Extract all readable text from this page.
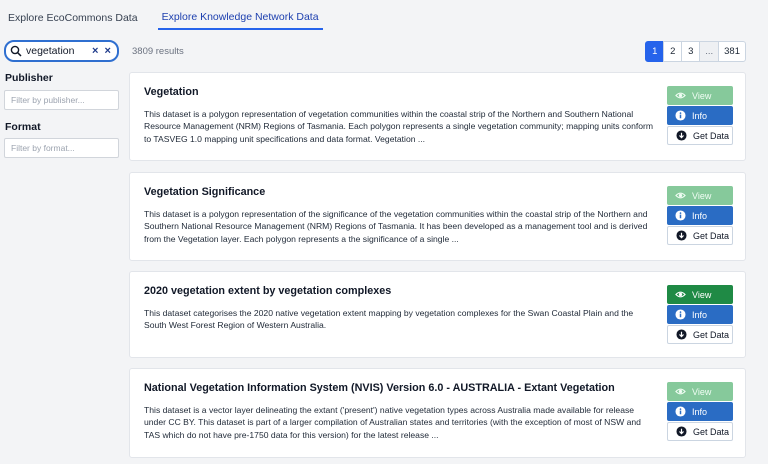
Explore EcoCommons Data	Explore Knowledge Network Data
vegetation
× ×
Publisher
Filter by publisher...
Format
Filter by format...
3809 results	1	2	3	...	381
Vegetation
This dataset is a polygon representation of vegetation communities within the coastal strip of the Northern and Southern National Resource Management (NRM) Regions of Tasmania. Each polygon represents a single vegetation community; mapping units conform to TASVEG 1.0 mapping unit specifications and data format. Vegetation ...
View
Info
Get Data
Vegetation Significance
This dataset is a polygon representation of the significance of the vegetation communities within the coastal strip of the Northern and Southern National Resource Management (NRM) Regions of Tasmania. It has been developed as a management tool and is derived from the Vegetation layer. Each polygon represents a the significance of a single ...
View
Info
Get Data
2020 vegetation extent by vegetation complexes
This dataset categorises the 2020 native vegetation extent mapping by vegetation complexes for the Swan Coastal Plain and the South West Forest Region of Western Australia.
View
Info
Get Data
National Vegetation Information System (NVIS) Version 6.0 - AUSTRALIA - Extant Vegetation
This dataset is a vector layer delineating the extant ('present') native vegetation types across Australia made available for release under CC BY. This dataset is part of a larger compilation of Australian states and territories (with the exception of most of NSW and TAS which do not have pre-1750 data for this version) for the latest release ...
View
Info
Get Data
